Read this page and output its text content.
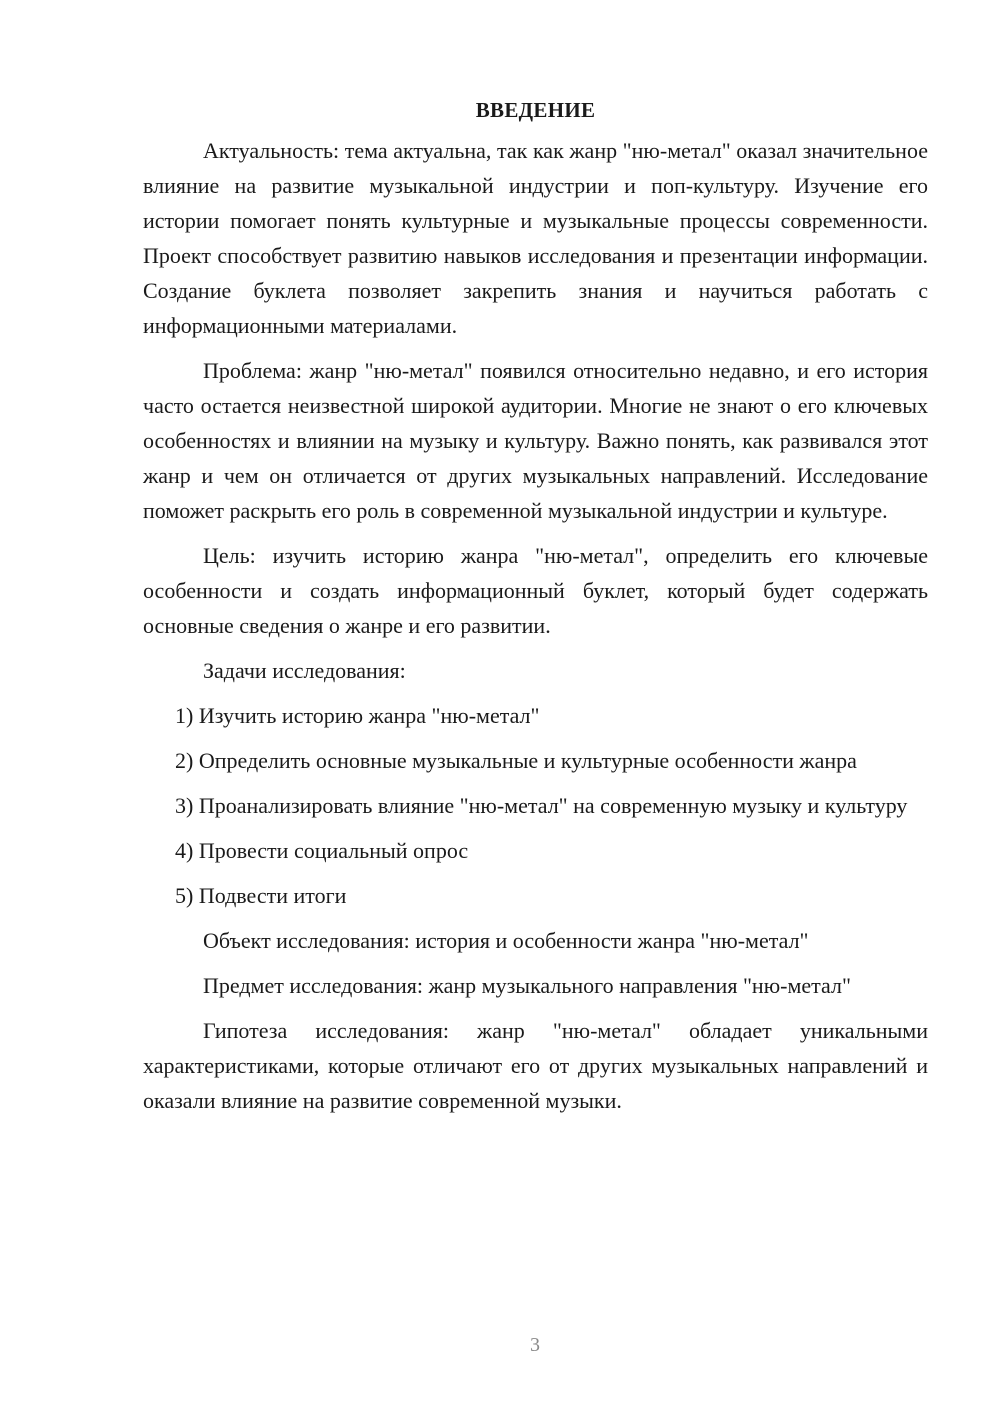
ВВЕДЕНИЕ

Актуальность: тема актуальна, так как жанр "ню-метал" оказал значительное влияние на развитие музыкальной индустрии и поп-культуру. Изучение его истории помогает понять культурные и музыкальные процессы современности. Проект способствует развитию навыков исследования и презентации информации. Создание буклета позволяет закрепить знания и научиться работать с информационными материалами.

Проблема: жанр "ню-метал" появился относительно недавно, и его история часто остается неизвестной широкой аудитории. Многие не знают о его ключевых особенностях и влиянии на музыку и культуру. Важно понять, как развивался этот жанр и чем он отличается от других музыкальных направлений. Исследование поможет раскрыть его роль в современной музыкальной индустрии и культуре.

Цель: изучить историю жанра "ню-метал", определить его ключевые особенности и создать информационный буклет, который будет содержать основные сведения о жанре и его развитии.

Задачи исследования:

1) Изучить историю жанра "ню-метал"

2) Определить основные музыкальные и культурные особенности жанра

3) Проанализировать влияние "ню-метал" на современную музыку и культуру

4) Провести социальный опрос

5) Подвести итоги

Объект исследования: история и особенности жанра "ню-метал"

Предмет исследования: жанр музыкального направления "ню-метал"

Гипотеза исследования: жанр "ню-метал" обладает уникальными характеристиками, которые отличают его от других музыкальных направлений и оказали влияние на развитие современной музыки.

3
